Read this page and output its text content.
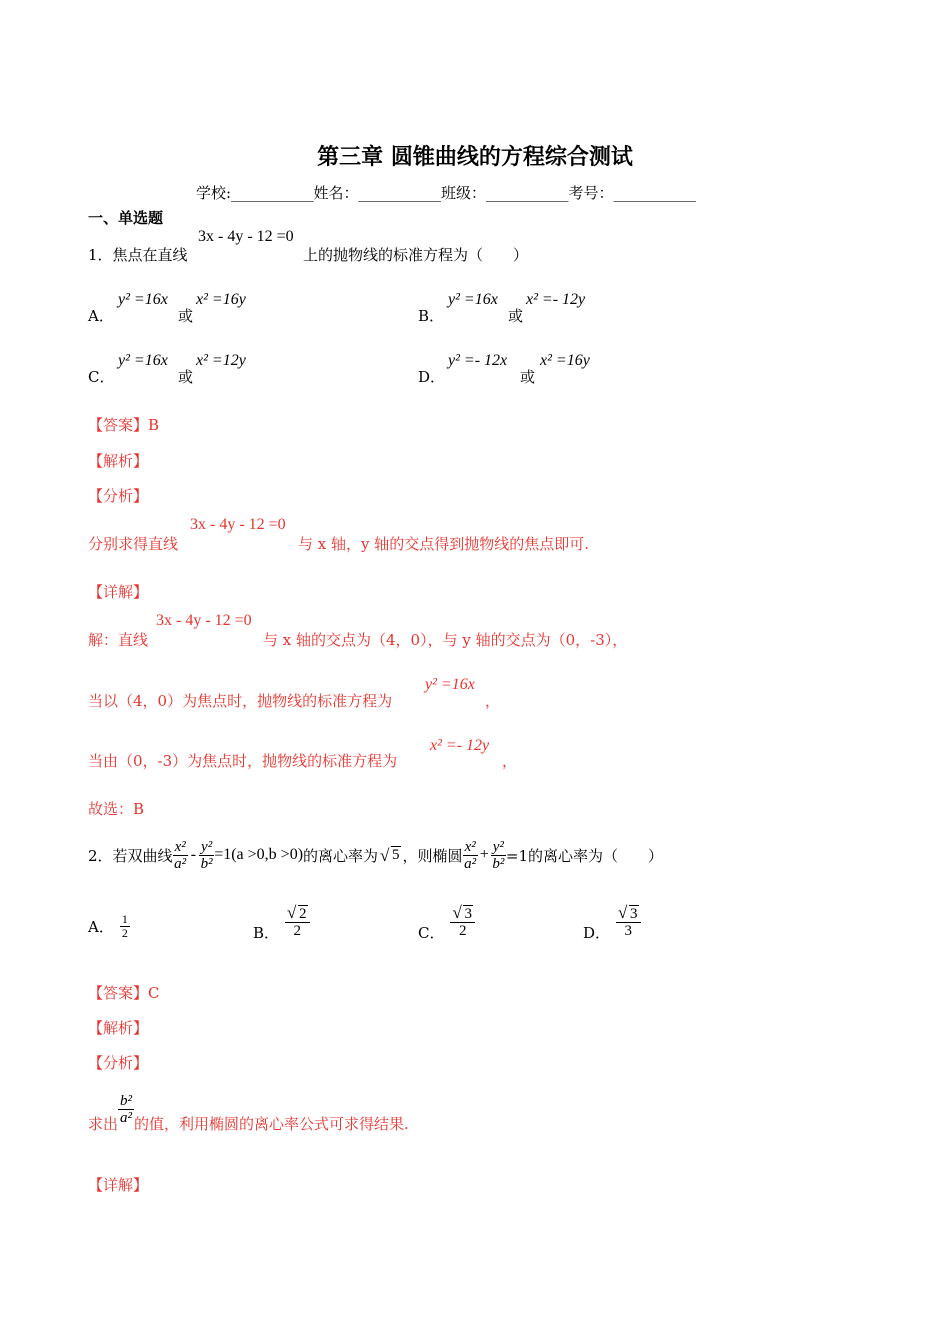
第三章 圆锥曲线的方程综合测试
学校:___________姓名：___________班级：___________考号：___________
一、单选题
1．焦点在直线
3x - 4y - 12 =0
上的抛物线的标准方程为（　　）
A．
y² =16x
或
x² =16y
B．
y² =16x
或
x² =- 12y
C．
y² =16x
或
x² =12y
D．
y² =- 12x
或
x² =16y
【答案】B
【解析】
【分析】
分别求得直线
3x - 4y - 12 =0
与 x 轴，y 轴的交点得到抛物线的焦点即可.
【详解】
解：直线
3x - 4y - 12 =0
与 x 轴的交点为（4，0），与 y 轴的交点为（0，-3），
当以（4，0）为焦点时，抛物线的标准方程为
y² =16x
，
当由（0，-3）为焦点时，抛物线的标准方程为
x² =- 12y
，
故选：B
2． 若双曲线 $\frac{\text{x²}}{\text{a²}} - \frac{\text{y²}}{\text{b²}} =1(a >0,b >0)$ 的离心率为 √ 5 ，则椭圆 $\frac{\text{x²}}{\text{a²}} + \frac{\text{y²}}{\text{b²}} =1$的离心率为（　　）
A． $\frac{1}{2}$	B． √ $\frac{2}{2}$	C． √ $\frac{3}{2}$	D． √ $\frac{3}{3}$
【答案】C
【解析】
【分析】
求出 $\frac{\text{b²}}{\text{a²}}$ 的值，利用椭圆的离心率公式可求得结果.
【详解】
